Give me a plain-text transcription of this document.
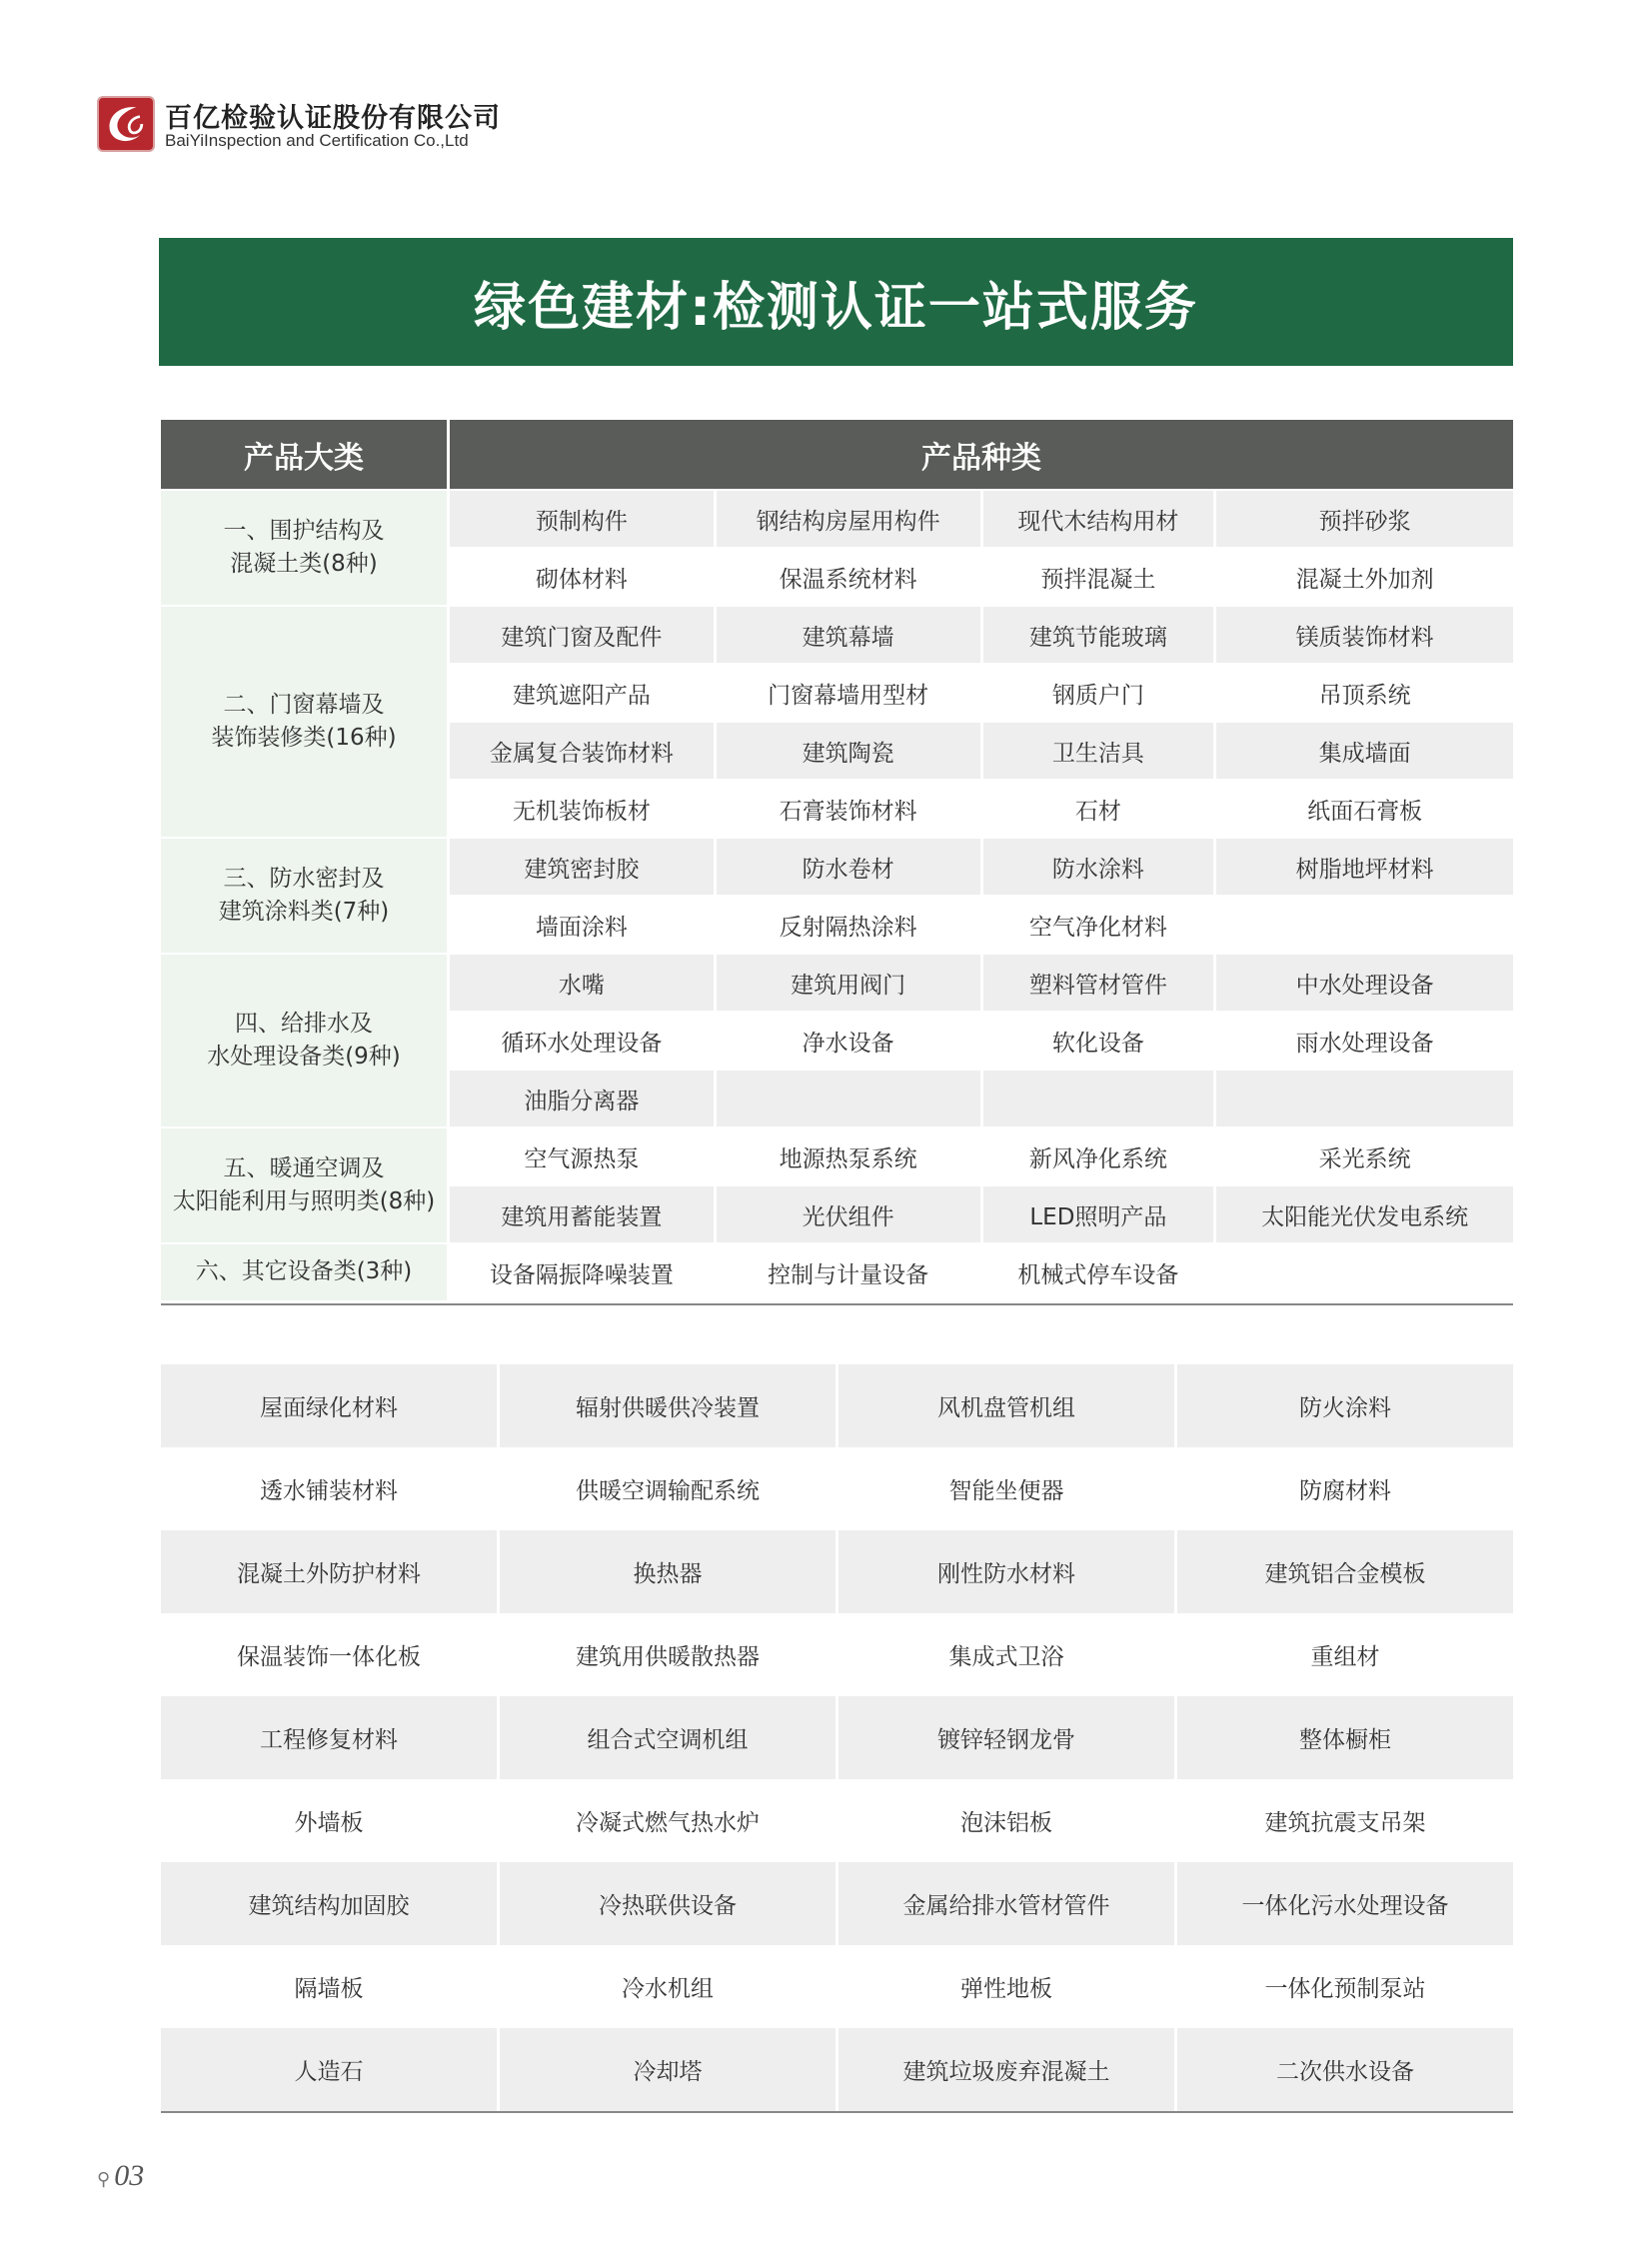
百亿检验认证股份有限公司
BaiYiInspection and Certification Co.,Ltd
绿色建材:检测认证一站式服务
产品大类	产品种类			

一、围护结构及
混凝土类(8种)	预制构件	钢结构房屋用构件	现代木结构用材	预拌砂浆
	砌体材料	保温系统材料	预拌混凝土	混凝土外加剂

二、门窗幕墙及
装饰装修类(16种)	建筑门窗及配件	建筑幕墙	建筑节能玻璃	镁质装饰材料
	建筑遮阳产品	门窗幕墙用型材	钢质户门	吊顶系统
	金属复合装饰材料	建筑陶瓷	卫生洁具	集成墙面
	无机装饰板材	石膏装饰材料	石材	纸面石膏板

三、防水密封及
建筑涂料类(7种)	建筑密封胶	防水卷材	防水涂料	树脂地坪材料
	墙面涂料	反射隔热涂料	空气净化材料	

四、给排水及
水处理设备类(9种)	水嘴	建筑用阀门	塑料管材管件	中水处理设备
	循环水处理设备	净水设备	软化设备	雨水处理设备
	油脂分离器			

五、暖通空调及
太阳能利用与照明类(8种)	空气源热泵	地源热泵系统	新风净化系统	采光系统
	建筑用蓄能装置	光伏组件	LED照明产品	太阳能光伏发电系统

六、其它设备类(3种)	设备隔振降噪装置	控制与计量设备	机械式停车设备	
屋面绿化材料	辐射供暖供冷装置	风机盘管机组	防火涂料
透水铺装材料	供暖空调输配系统	智能坐便器	防腐材料
混凝土外防护材料	换热器	刚性防水材料	建筑铝合金模板
保温装饰一体化板	建筑用供暖散热器	集成式卫浴	重组材
工程修复材料	组合式空调机组	镀锌轻钢龙骨	整体橱柜
外墙板	冷凝式燃气热水炉	泡沫铝板	建筑抗震支吊架
建筑结构加固胶	冷热联供设备	金属给排水管材管件	一体化污水处理设备
隔墙板	冷水机组	弹性地板	一体化预制泵站
人造石	冷却塔	建筑垃圾废弃混凝土	二次供水设备
⚲ 03
